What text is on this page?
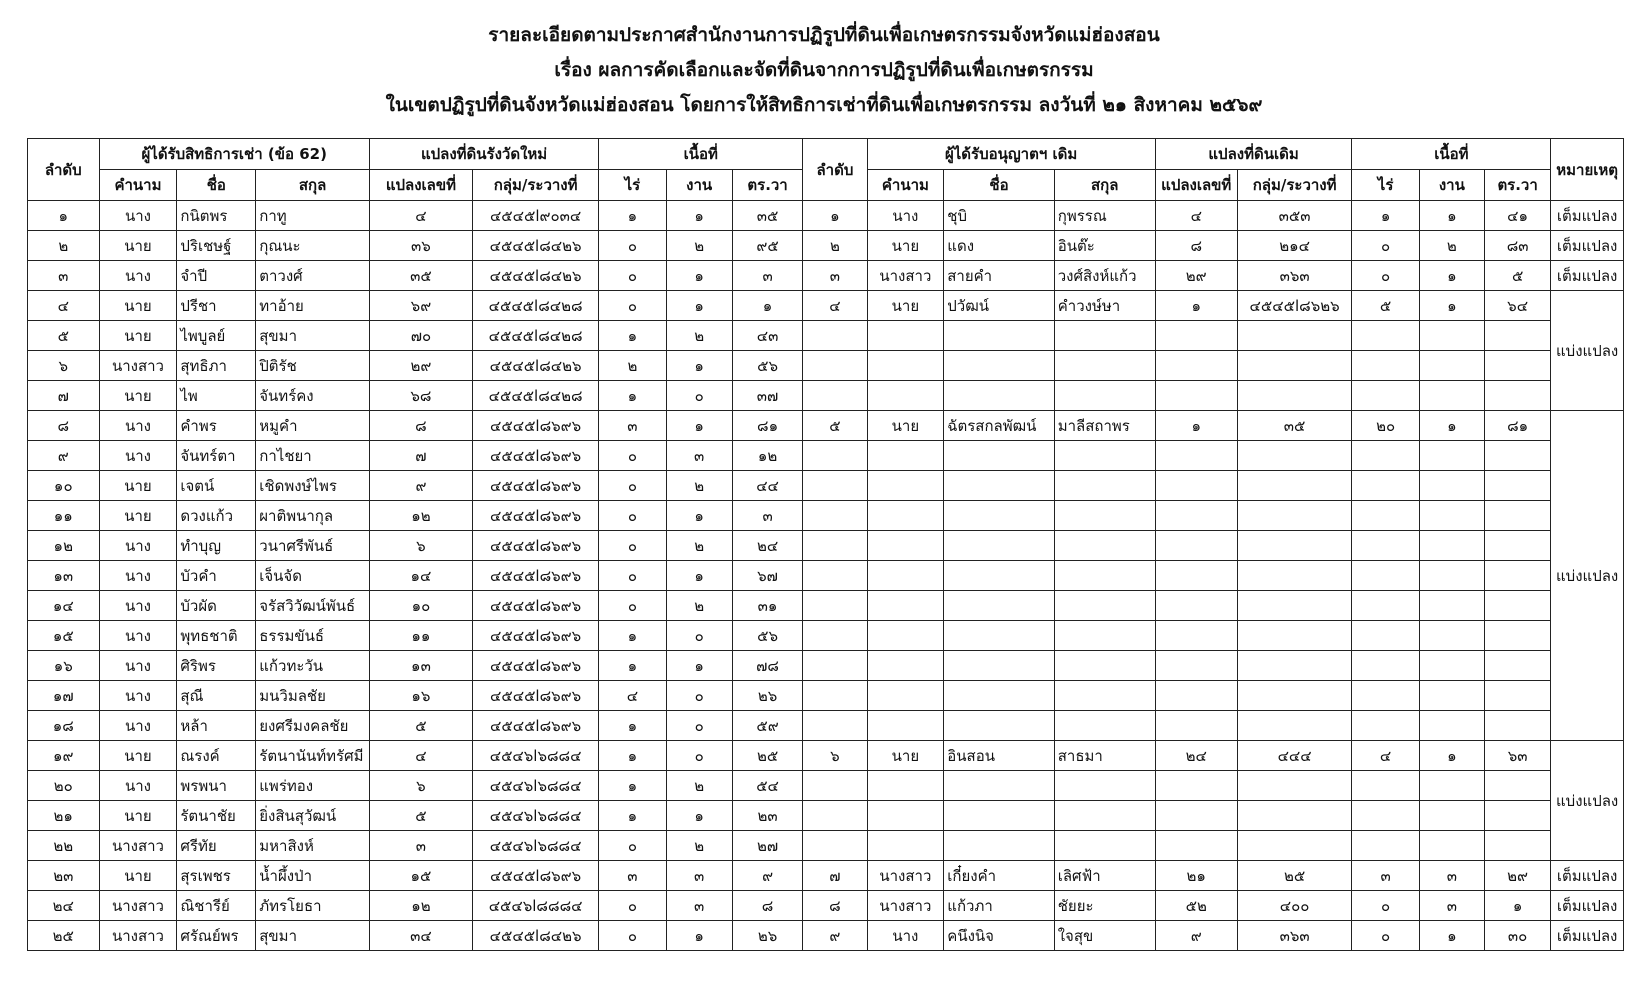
รายละเอียดตามประกาศสำนักงานการปฏิรูปที่ดินเพื่อเกษตรกรรมจังหวัดแม่ฮ่องสอน
เรื่อง ผลการคัดเลือกและจัดที่ดินจากการปฏิรูปที่ดินเพื่อเกษตรกรรม
ในเขตปฏิรูปที่ดินจังหวัดแม่ฮ่องสอน โดยการให้สิทธิการเช่าที่ดินเพื่อเกษตรกรรม ลงวันที่ ๒๑ สิงหาคม ๒๕๖๙
ลำดับ	ผู้ได้รับสิทธิการเช่า (ข้อ 62)			แปลงที่ดินรังวัดใหม่		เนื้อที่			ลำดับ	ผู้ได้รับอนุญาตฯ เดิม			แปลงที่ดินเดิม		เนื้อที่			หมายเหตุ
	คำนาม	ชื่อ	สกุล	แปลงเลขที่	กลุ่ม/ระวางที่	ไร่	งาน	ตร.วา		คำนาม	ชื่อ	สกุล	แปลงเลขที่	กลุ่ม/ระวางที่	ไร่	งาน	ตร.วา	
๑	นาง	กนิตพร	กาทู	๔	๔๕๔๕l๙๐๓๔	๑	๑	๓๕	๑	นาง	ชุบิ	กุพรรณ	๔	๓๕๓	๑	๑	๔๑	เต็มแปลง
๒	นาย	ปริเชษฐ์	กุณนะ	๓๖	๔๕๔๕l๘๔๒๖	๐	๒	๙๕	๒	นาย	แดง	อินต๊ะ	๘	๒๑๔	๐	๒	๘๓	เต็มแปลง
๓	นาง	จำปี	ตาวงศ์	๓๕	๔๕๔๕l๘๔๒๖	๐	๑	๓	๓	นางสาว	สายคำ	วงศ์สิงห์แก้ว	๒๙	๓๖๓	๐	๑	๕	เต็มแปลง
๔	นาย	ปรีชา	ทาอ้าย	๖๙	๔๕๔๕l๘๔๒๘	๐	๑	๑	๔	นาย	ปวัฒน์	คำวงษ์ษา	๑	๔๕๔๕l๘๖๒๖	๕	๑	๖๔	แบ่งแปลง
๕	นาย	ไพบูลย์	สุขมา	๗๐	๔๕๔๕l๘๔๒๘	๑	๒	๔๓										
๖	นางสาว	สุทธิภา	ปิติรัช	๒๙	๔๕๔๕l๘๔๒๖	๒	๑	๕๖										
๗	นาย	ไพ	จันทร์คง	๖๘	๔๕๔๕l๘๔๒๘	๑	๐	๓๗										
๘	นาง	คำพร	หมูคำ	๘	๔๕๔๕l๘๖๙๖	๓	๑	๘๑	๕	นาย	ฉัตรสกลพัฒน์	มาลีสถาพร	๑	๓๕	๒๐	๑	๘๑	แบ่งแปลง
๙	นาง	จันทร์ตา	กาไชยา	๗	๔๕๔๕l๘๖๙๖	๐	๓	๑๒										
๑๐	นาย	เจตน์	เชิดพงษ์ไพร	๙	๔๕๔๕l๘๖๙๖	๐	๒	๔๔										
๑๑	นาย	ดวงแก้ว	ผาติพนากุล	๑๒	๔๕๔๕l๘๖๙๖	๐	๑	๓										
๑๒	นาง	ทำบุญ	วนาศรีพันธ์	๖	๔๕๔๕l๘๖๙๖	๐	๒	๒๔										
๑๓	นาง	บัวคำ	เจ็นจัด	๑๔	๔๕๔๕l๘๖๙๖	๐	๑	๖๗										
๑๔	นาง	บัวผัด	จรัสวิวัฒน์พันธ์	๑๐	๔๕๔๕l๘๖๙๖	๐	๒	๓๑										
๑๕	นาง	พุทธชาติ	ธรรมขันธ์	๑๑	๔๕๔๕l๘๖๙๖	๑	๐	๕๖										
๑๖	นาง	ศิริพร	แก้วทะวัน	๑๓	๔๕๔๕l๘๖๙๖	๑	๑	๗๘										
๑๗	นาง	สุณี	มนวิมลชัย	๑๖	๔๕๔๕l๘๖๙๖	๔	๐	๒๖										
๑๘	นาง	หล้า	ยงศรีมงคลชัย	๕	๔๕๔๕l๘๖๙๖	๑	๐	๕๙										
๑๙	นาย	ณรงค์	รัตนานันท์ทรัศมี	๔	๔๕๔๖l๖๘๘๔	๑	๐	๒๕	๖	นาย	อินสอน	สาธมา	๒๔	๔๔๔	๔	๑	๖๓	แบ่งแปลง
๒๐	นาง	พรพนา	แพร่ทอง	๖	๔๕๔๖l๖๘๘๔	๑	๒	๕๔										
๒๑	นาย	รัตนาชัย	ยิ่งสินสุวัฒน์	๕	๔๕๔๖l๖๘๘๔	๑	๑	๒๓										
๒๒	นางสาว	ศรีทัย	มหาสิงห์	๓	๔๕๔๖l๖๘๘๔	๐	๒	๒๗										
๒๓	นาย	สุรเพชร	น้ำผึ้งป่า	๑๕	๔๕๔๕l๘๖๙๖	๓	๓	๙	๗	นางสาว	เกี๋ยงคำ	เลิศฟ้า	๒๑	๒๕	๓	๓	๒๙	เต็มแปลง
๒๔	นางสาว	ณิชารีย์	ภัทรโยธา	๑๒	๔๕๔๖l๘๘๘๔	๐	๓	๘	๘	นางสาว	แก้วภา	ชัยยะ	๕๒	๔๐๐	๐	๓	๑	เต็มแปลง
๒๕	นางสาว	ศรัณย์พร	สุขมา	๓๔	๔๕๔๕l๘๔๒๖	๐	๑	๒๖	๙	นาง	คนึงนิจ	ใจสุข	๙	๓๖๓	๐	๑	๓๐	เต็มแปลง
